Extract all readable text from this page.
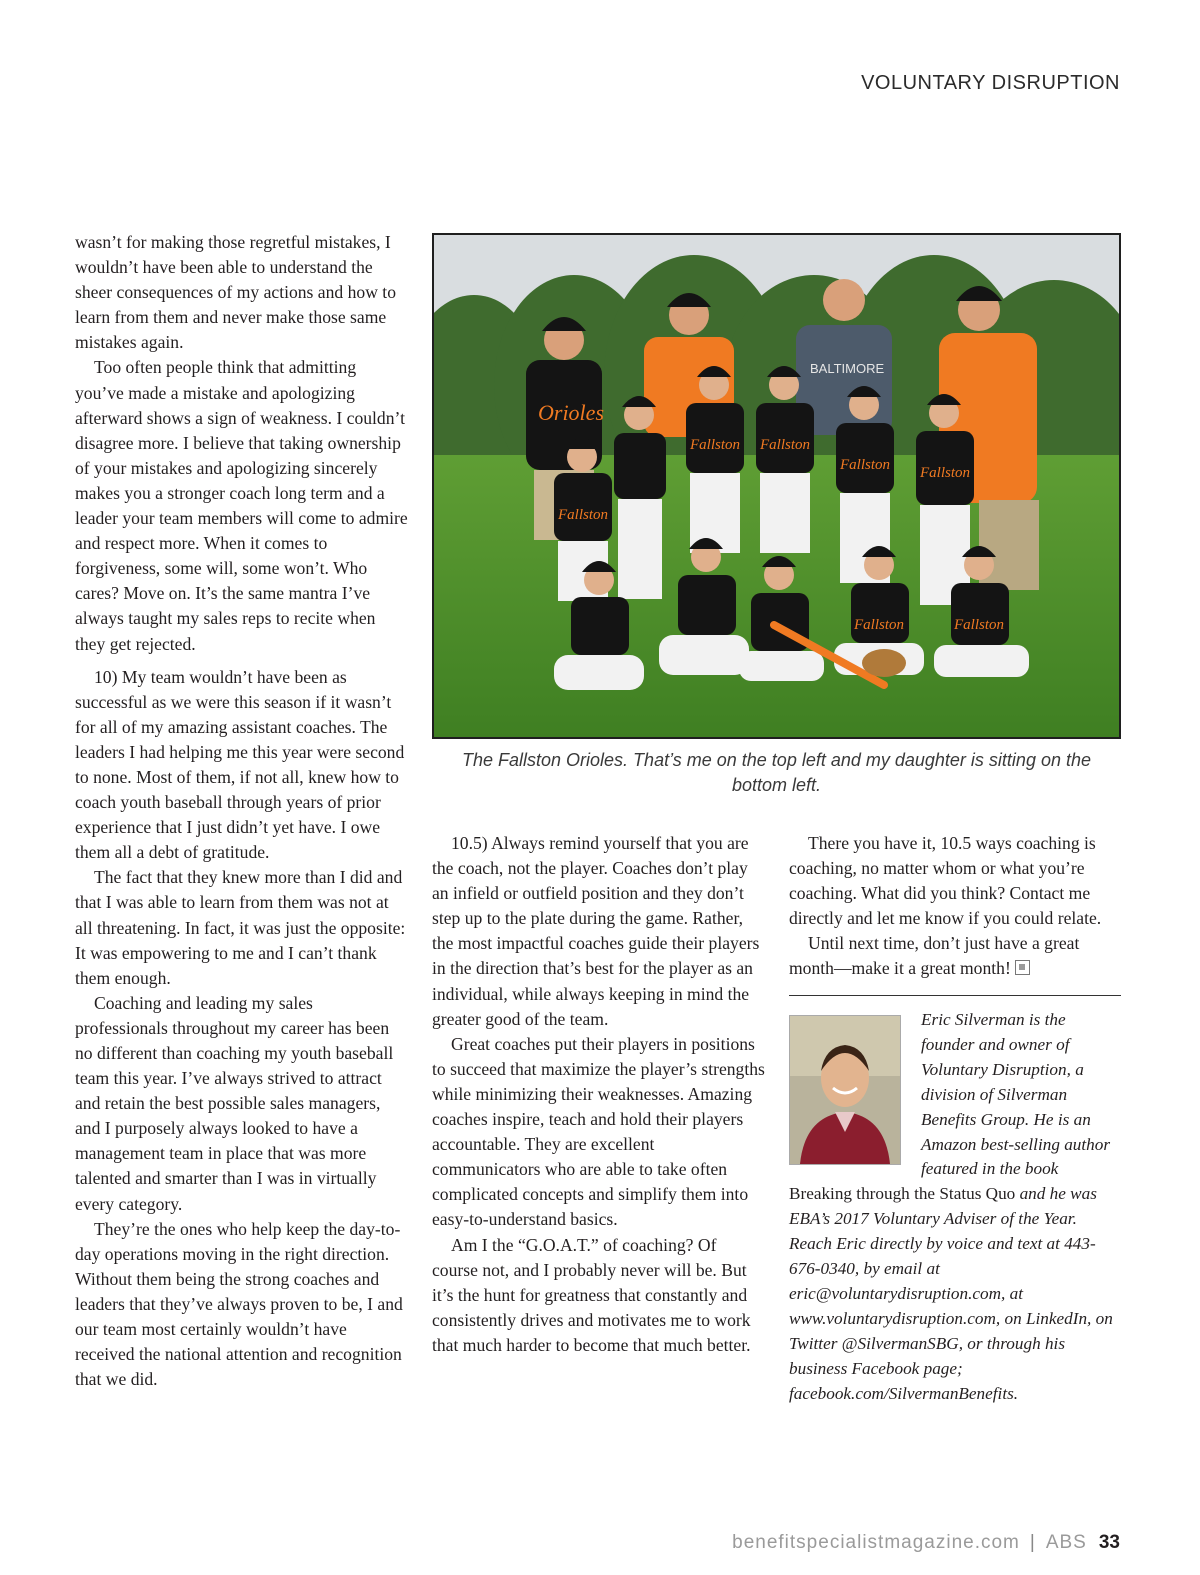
VOLUNTARY DISRUPTION

wasn’t for making those regretful mistakes, I wouldn’t have been able to understand the sheer consequences of my actions and how to learn from them and never make those same mistakes again.

Too often people think that admitting you’ve made a mistake and apologizing afterward shows a sign of weakness. I couldn’t disagree more. I believe that taking ownership of your mistakes and apologizing sincerely makes you a stronger coach long term and a leader your team members will come to admire and respect more. When it comes to forgiveness, some will, some won’t. Who cares? Move on. It’s the same mantra I’ve always taught my sales reps to recite when they get rejected.

10) My team wouldn’t have been as successful as we were this season if it wasn’t for all of my amazing assistant coaches. The leaders I had helping me this year were second to none. Most of them, if not all, knew how to coach youth baseball through years of prior experience that I just didn’t yet have. I owe them all a debt of gratitude.

The fact that they knew more than I did and that I was able to learn from them was not at all threatening. In fact, it was just the opposite: It was empowering to me and I can’t thank them enough.

Coaching and leading my sales professionals throughout my career has been no different than coaching my youth baseball team this year. I’ve always strived to attract and retain the best possible sales managers, and I purposely always looked to have a management team in place that was more talented and smarter than I was in virtually every category.

They’re the ones who help keep the day-to-day operations moving in the right direction. Without them being the strong coaches and leaders that they’ve always proven to be, I and our team most certainly wouldn’t have received the national attention and recognition that we did.

Orioles
BALTIMORE
Fallston
Fallston Fallston
Fallston Fallston
Fallston	Fallston
The Fallston Orioles. That’s me on the top left and my daughter is sitting on the bottom left.

10.5) Always remind yourself that you are the coach, not the player. Coaches don’t play an infield or outfield position and they don’t step up to the plate during the game. Rather, the most impactful coaches guide their players in the direction that’s best for the player as an individual, while always keeping in mind the greater good of the team.

Great coaches put their players in positions to succeed that maximize the player’s strengths while minimizing their weaknesses. Amazing coaches inspire, teach and hold their players accountable. They are excellent communicators who are able to take often complicated concepts and simplify them into easy-to-understand basics.

Am I the “G.O.A.T.” of coaching? Of course not, and I probably never will be. But it’s the hunt for greatness that constantly and consistently drives and motivates me to work that much harder to become that much better.

There you have it, 10.5 ways coaching is coaching, no matter whom or what you’re coaching. What did you think? Contact me directly and let me know if you could relate.

Until next time, don’t just have a great month—make it a great month!

Eric Silverman is the founder and owner of Voluntary Disruption, a division of Silverman Benefits Group. He is an Amazon best-selling author featured in the book Breaking through the Status Quo and he was EBA’s 2017 Voluntary Adviser of the Year. Reach Eric directly by voice and text at 443-676-0340, by email at eric@voluntarydisruption.com, at www.voluntarydisruption.com, on LinkedIn, on Twitter @SilvermanSBG, or through his business Facebook page; facebook.com/SilvermanBenefits.
benefitspecialistmagazine.com | ABS 33
